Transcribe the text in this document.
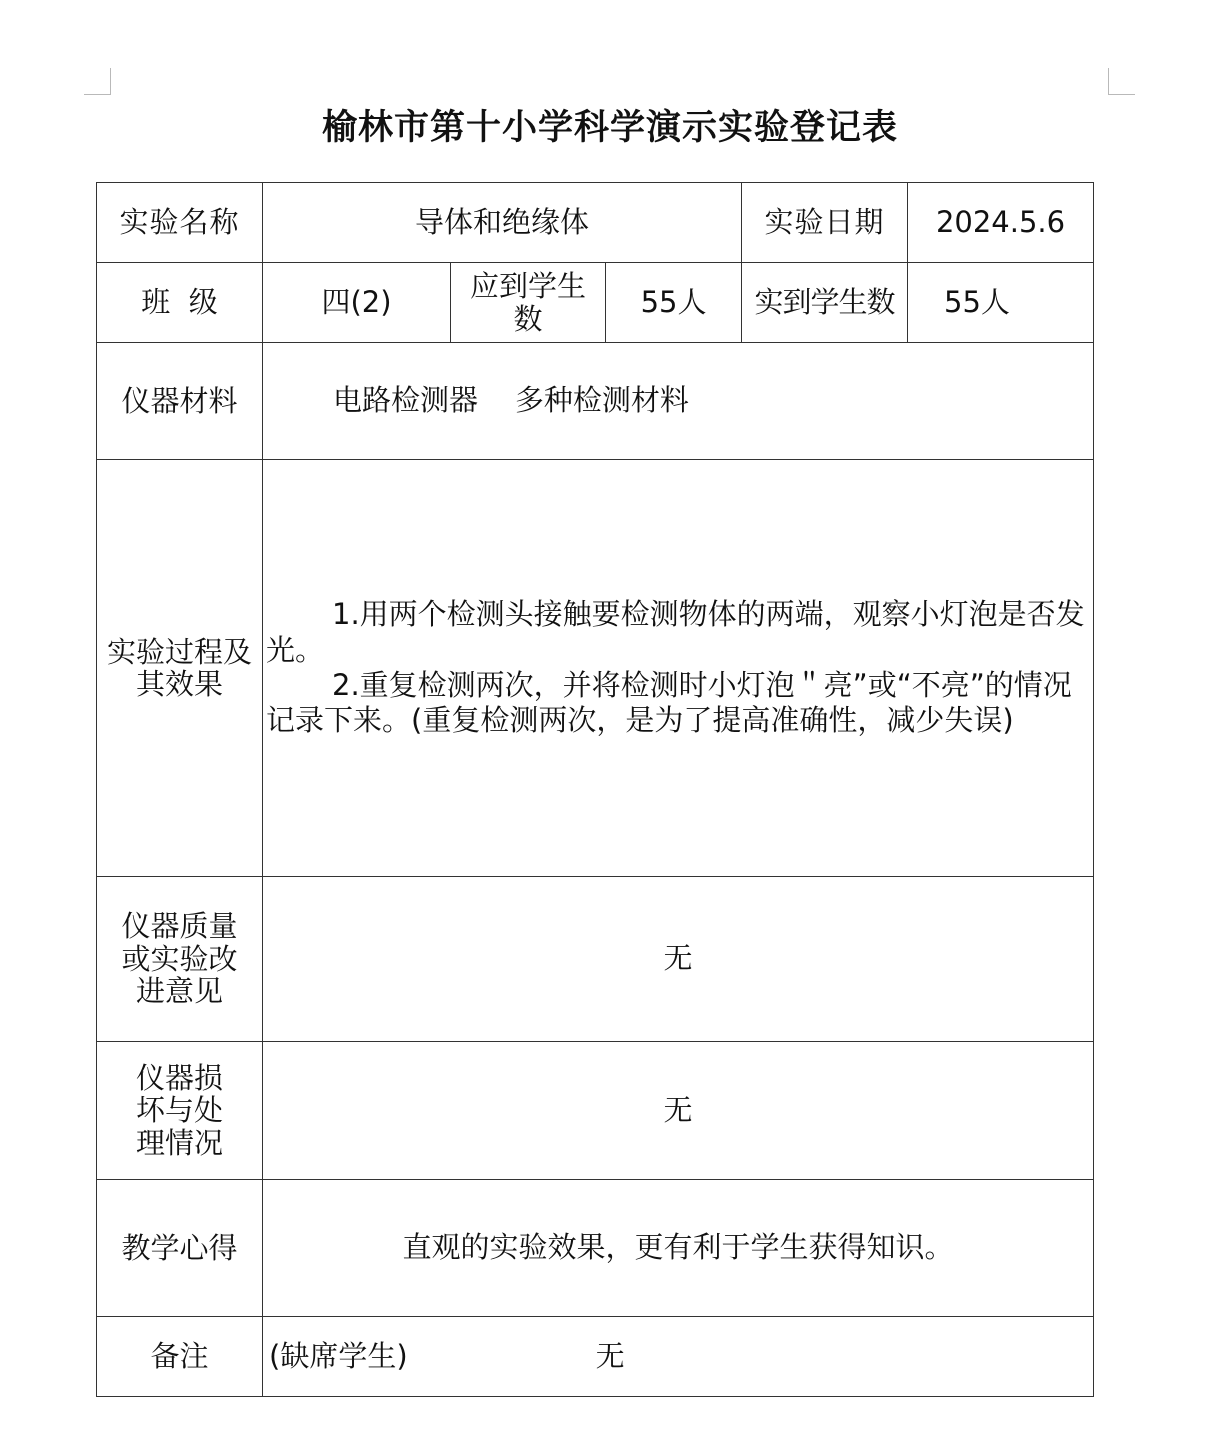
榆林市第十小学科学演示实验登记表
实验名称	导体和绝缘体			实验日期	2024.5.6
班  级	四(2)	应到学生数	55人	实到学生数	55人
仪器材料	电路检测器    多种检测材料				
实验过程及其效果	1.用两个检测头接触要检测物体的两端，观察小灯泡是否发光。

2.重复检测两次，并将检测时小灯泡＂亮”或“不亮”的情况记录下来。(重复检测两次，是为了提高准确性，减少失误)				

仪器质量或实验改进意见	无				
仪器损坏与处理情况	无				
教学心得	直观的实验效果，更有利于学生获得知识。				
备注	(缺席学生) 无				
